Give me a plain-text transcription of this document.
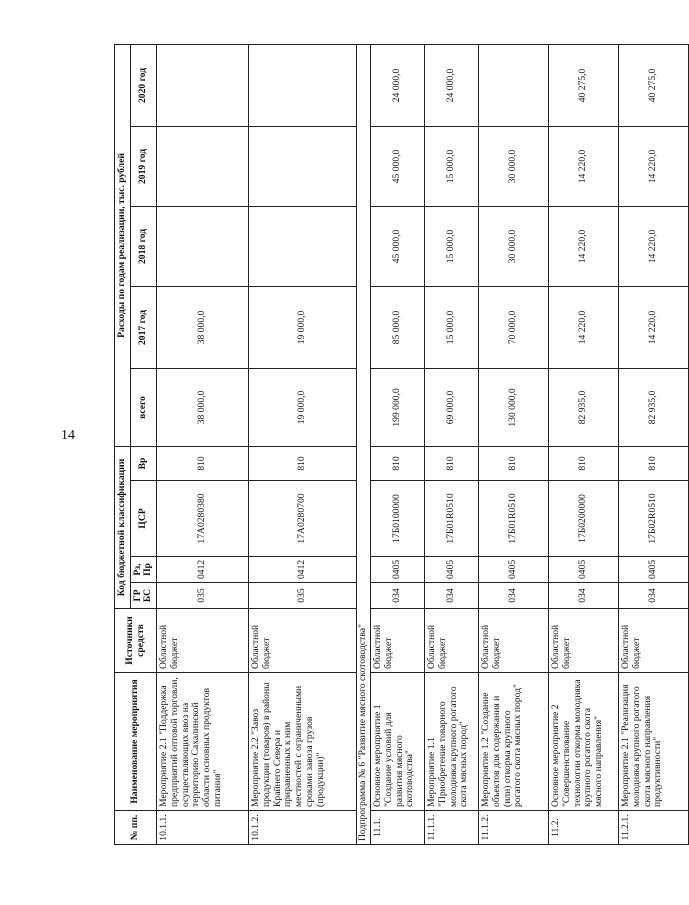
14
№ пп.	Наименование мероприятия	Источники средств	Код бюджетной классификации				Расходы по годам реализации, тыс. рублей				
			ГР БС	Рз, Пр	ЦСР	Вр	всего	2017 год	2018 год	2019 год	2020 год
10.1.1.	Мероприятие 2.1 "Поддержка предприятий оптовой торговли, осуществляющих ввоз на территорию Сахалинской области основных продуктов питания"	Областной бюджет	035	0412	17А0280380	810	38 000,0	38 000,0			
10.1.2.	Мероприятие 2.2 "Завоз продукции (товаров) в районы Крайнего Севера и приравненных к ним местностей с ограниченными сроками завоза грузов (продукции)"	Областной бюджет	035	0412	17А0280700	810	19 000,0	19 000,0			
Подпрограмма № 6 "Развитие мясного скотоводства"											
11.1.	Основное мероприятие 1 "Создание условий для развития мясного скотоводства"	Областной бюджет	034	0405	17Б0100000	810	199 000,0	85 000,0	45 000,0	45 000,0	24 000,0
11.1.1.	Мероприятие 1.1 "Приобретение товарного молодняка крупного рогатого скота мясных пород"	Областной бюджет	034	0405	17Б01R0510	810	69 000,0	15 000,0	15 000,0	15 000,0	24 000,0
11.1.2.	Мероприятие 1.2 "Создание объектов для содержания и (или) откорма крупного рогатого скота мясных пород"	Областной бюджет	034	0405	17Б01R0510	810	130 000,0	70 000,0	30 000,0	30 000,0	
11.2.	Основное мероприятие 2 "Совершенствование технологии откорма молодняка крупного рогатого скота мясного направления"	Областной бюджет	034	0405	17Б0200000	810	82 935,0	14 220,0	14 220,0	14 220,0	40 275,0
11.2.1.	Мероприятие 2.1 "Реализация молодняка крупного рогатого скота мясного направления продуктивности"	Областной бюджет	034	0405	17Б02R0510	810	82 935,0	14 220,0	14 220,0	14 220,0	40 275,0
